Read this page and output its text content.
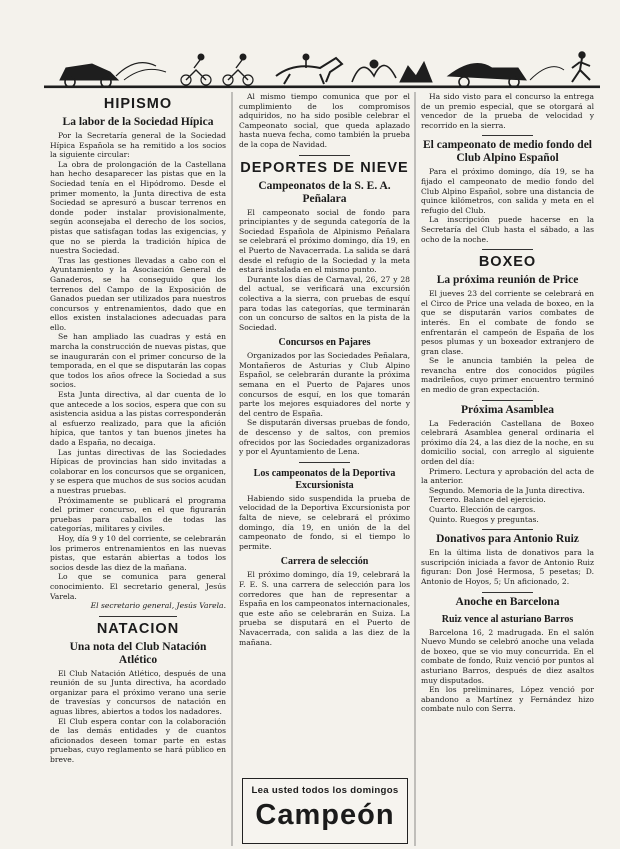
HIPISMO
La labor de la Sociedad Hípica

Por la Secretaría general de la Sociedad Hípica Española se ha remitido a los socios la siguiente circular:

La obra de prolongación de la Castellana han hecho desaparecer las pistas que en la Sociedad tenía en el Hipódromo. Desde el primer momento, la Junta directiva de esta Sociedad se apresuró a buscar terrenos en donde poder instalar provisionalmente, según aconsejaba el derecho de los socios, pistas que satisfagan todas las exigencias, y que no se pierda la tradición hípica de nuestra Sociedad.

Tras las gestiones llevadas a cabo con el Ayuntamiento y la Asociación General de Ganaderos, se ha conseguido que los terrenos del Campo de la Exposición de Ganados puedan ser utilizados para nuestros concursos y entrenamientos, dado que en ellos existen instalaciones adecuadas para ello.

Se han ampliado las cuadras y está en marcha la construcción de nuevas pistas, que se inaugurarán con el primer concurso de la temporada, en el que se disputarán las copas que todos los años ofrece la Sociedad a sus socios.

Esta Junta directiva, al dar cuenta de lo que antecede a los socios, espera que con su asistencia asidua a las pistas corresponderán al esfuerzo realizado, para que la afición hípica, que tantos y tan buenos jinetes ha dado a España, no decaiga.

Las juntas directivas de las Sociedades Hípicas de provincias han sido invitadas a colaborar en los concursos que se organicen, y se espera que muchos de sus socios acudan a nuestras pruebas.

Próximamente se publicará el programa del primer concurso, en el que figurarán pruebas para caballos de todas las categorías, militares y civiles.

Hoy, día 9 y 10 del corriente, se celebrarán los primeros entrenamientos en las nuevas pistas, que estarán abiertas a todos los socios desde las diez de la mañana.

Lo que se comunica para general conocimiento. El secretario general, Jesús Varela.

El secretario general, Jesús Varela.

NATACION
Una nota del Club Natación Atlético

El Club Natación Atlético, después de una reunión de su Junta directiva, ha acordado organizar para el próximo verano una serie de travesías y concursos de natación en aguas libres, abiertos a todos los nadadores.

El Club espera contar con la colaboración de las demás entidades y de cuantos aficionados deseen tomar parte en estas pruebas, cuyo reglamento se hará público en breve.

Al mismo tiempo comunica que por el cumplimiento de los compromisos adquiridos, no ha sido posible celebrar el Campeonato social, que queda aplazado hasta nueva fecha, como también la prueba de la copa de Navidad.

DEPORTES DE NIEVE
Campeonatos de la S. E. A. Peñalara

El campeonato social de fondo para principiantes y de segunda categoría de la Sociedad Española de Alpinismo Peñalara se celebrará el próximo domingo, día 19, en el Puerto de Navacerrada. La salida se dará desde el refugio de la Sociedad y la meta estará instalada en el mismo punto.

Durante los días de Carnaval, 26, 27 y 28 del actual, se verificará una excursión colectiva a la sierra, con pruebas de esquí para todas las categorías, que terminarán con un concurso de saltos en la pista de la Sociedad.

Concursos en Pajares

Organizados por las Sociedades Peñalara, Montañeros de Asturias y Club Alpino Español, se celebrarán durante la próxima semana en el Puerto de Pajares unos concursos de esquí, en los que tomarán parte los mejores esquiadores del norte y del centro de España.

Se disputarán diversas pruebas de fondo, de descenso y de saltos, con premios ofrecidos por las Sociedades organizadoras y por el Ayuntamiento de Lena.

Los campeonatos de la Deportiva Excursionista

Habiendo sido suspendida la prueba de velocidad de la Deportiva Excursionista por falta de nieve, se celebrará el próximo domingo, día 19, en unión de la del campeonato de fondo, si el tiempo lo permite.

Carrera de selección

El próximo domingo, día 19, celebrará la F. E. S. una carrera de selección para los corredores que han de representar a España en los campeonatos internacionales, que este año se celebrarán en Suiza. La prueba se disputará en el Puerto de Navacerrada, con salida a las diez de la mañana.

Lea usted todos los domingos
Campeón

Ha sido visto para el concurso la entrega de un premio especial, que se otorgará al vencedor de la prueba de velocidad y recorrido en la sierra.

El campeonato de medio fondo del Club Alpino Español

Para el próximo domingo, día 19, se ha fijado el campeonato de medio fondo del Club Alpino Español, sobre una distancia de quince kilómetros, con salida y meta en el refugio del Club.

La inscripción puede hacerse en la Secretaría del Club hasta el sábado, a las ocho de la noche.

BOXEO
La próxima reunión de Price

El jueves 23 del corriente se celebrará en el Circo de Price una velada de boxeo, en la que se disputarán varios combates de interés. En el combate de fondo se enfrentarán el campeón de España de los pesos plumas y un boxeador extranjero de gran clase.

Se le anuncia también la pelea de revancha entre dos conocidos púgiles madrileños, cuyo primer encuentro terminó en medio de gran expectación.

Próxima Asamblea

La Federación Castellana de Boxeo celebrará Asamblea general ordinaria el próximo día 24, a las diez de la noche, en su domicilio social, con arreglo al siguiente orden del día:

Primero. Lectura y aprobación del acta de la anterior.

Segundo. Memoria de la Junta directiva.

Tercero. Balance del ejercicio.

Cuarto. Elección de cargos.

Quinto. Ruegos y preguntas.

Donativos para Antonio Ruiz

En la última lista de donativos para la suscripción iniciada a favor de Antonio Ruiz figuran: Don José Hermosa, 5 pesetas; D. Antonio de Hoyos, 5; Un aficionado, 2.

Anoche en Barcelona
Ruiz vence al asturiano Barros

Barcelona 16, 2 madrugada. En el salón Nuevo Mundo se celebró anoche una velada de boxeo, que se vio muy concurrida. En el combate de fondo, Ruiz venció por puntos al asturiano Barros, después de diez asaltos muy disputados.

En los preliminares, López venció por abandono a Martínez y Fernández hizo combate nulo con Serra.
